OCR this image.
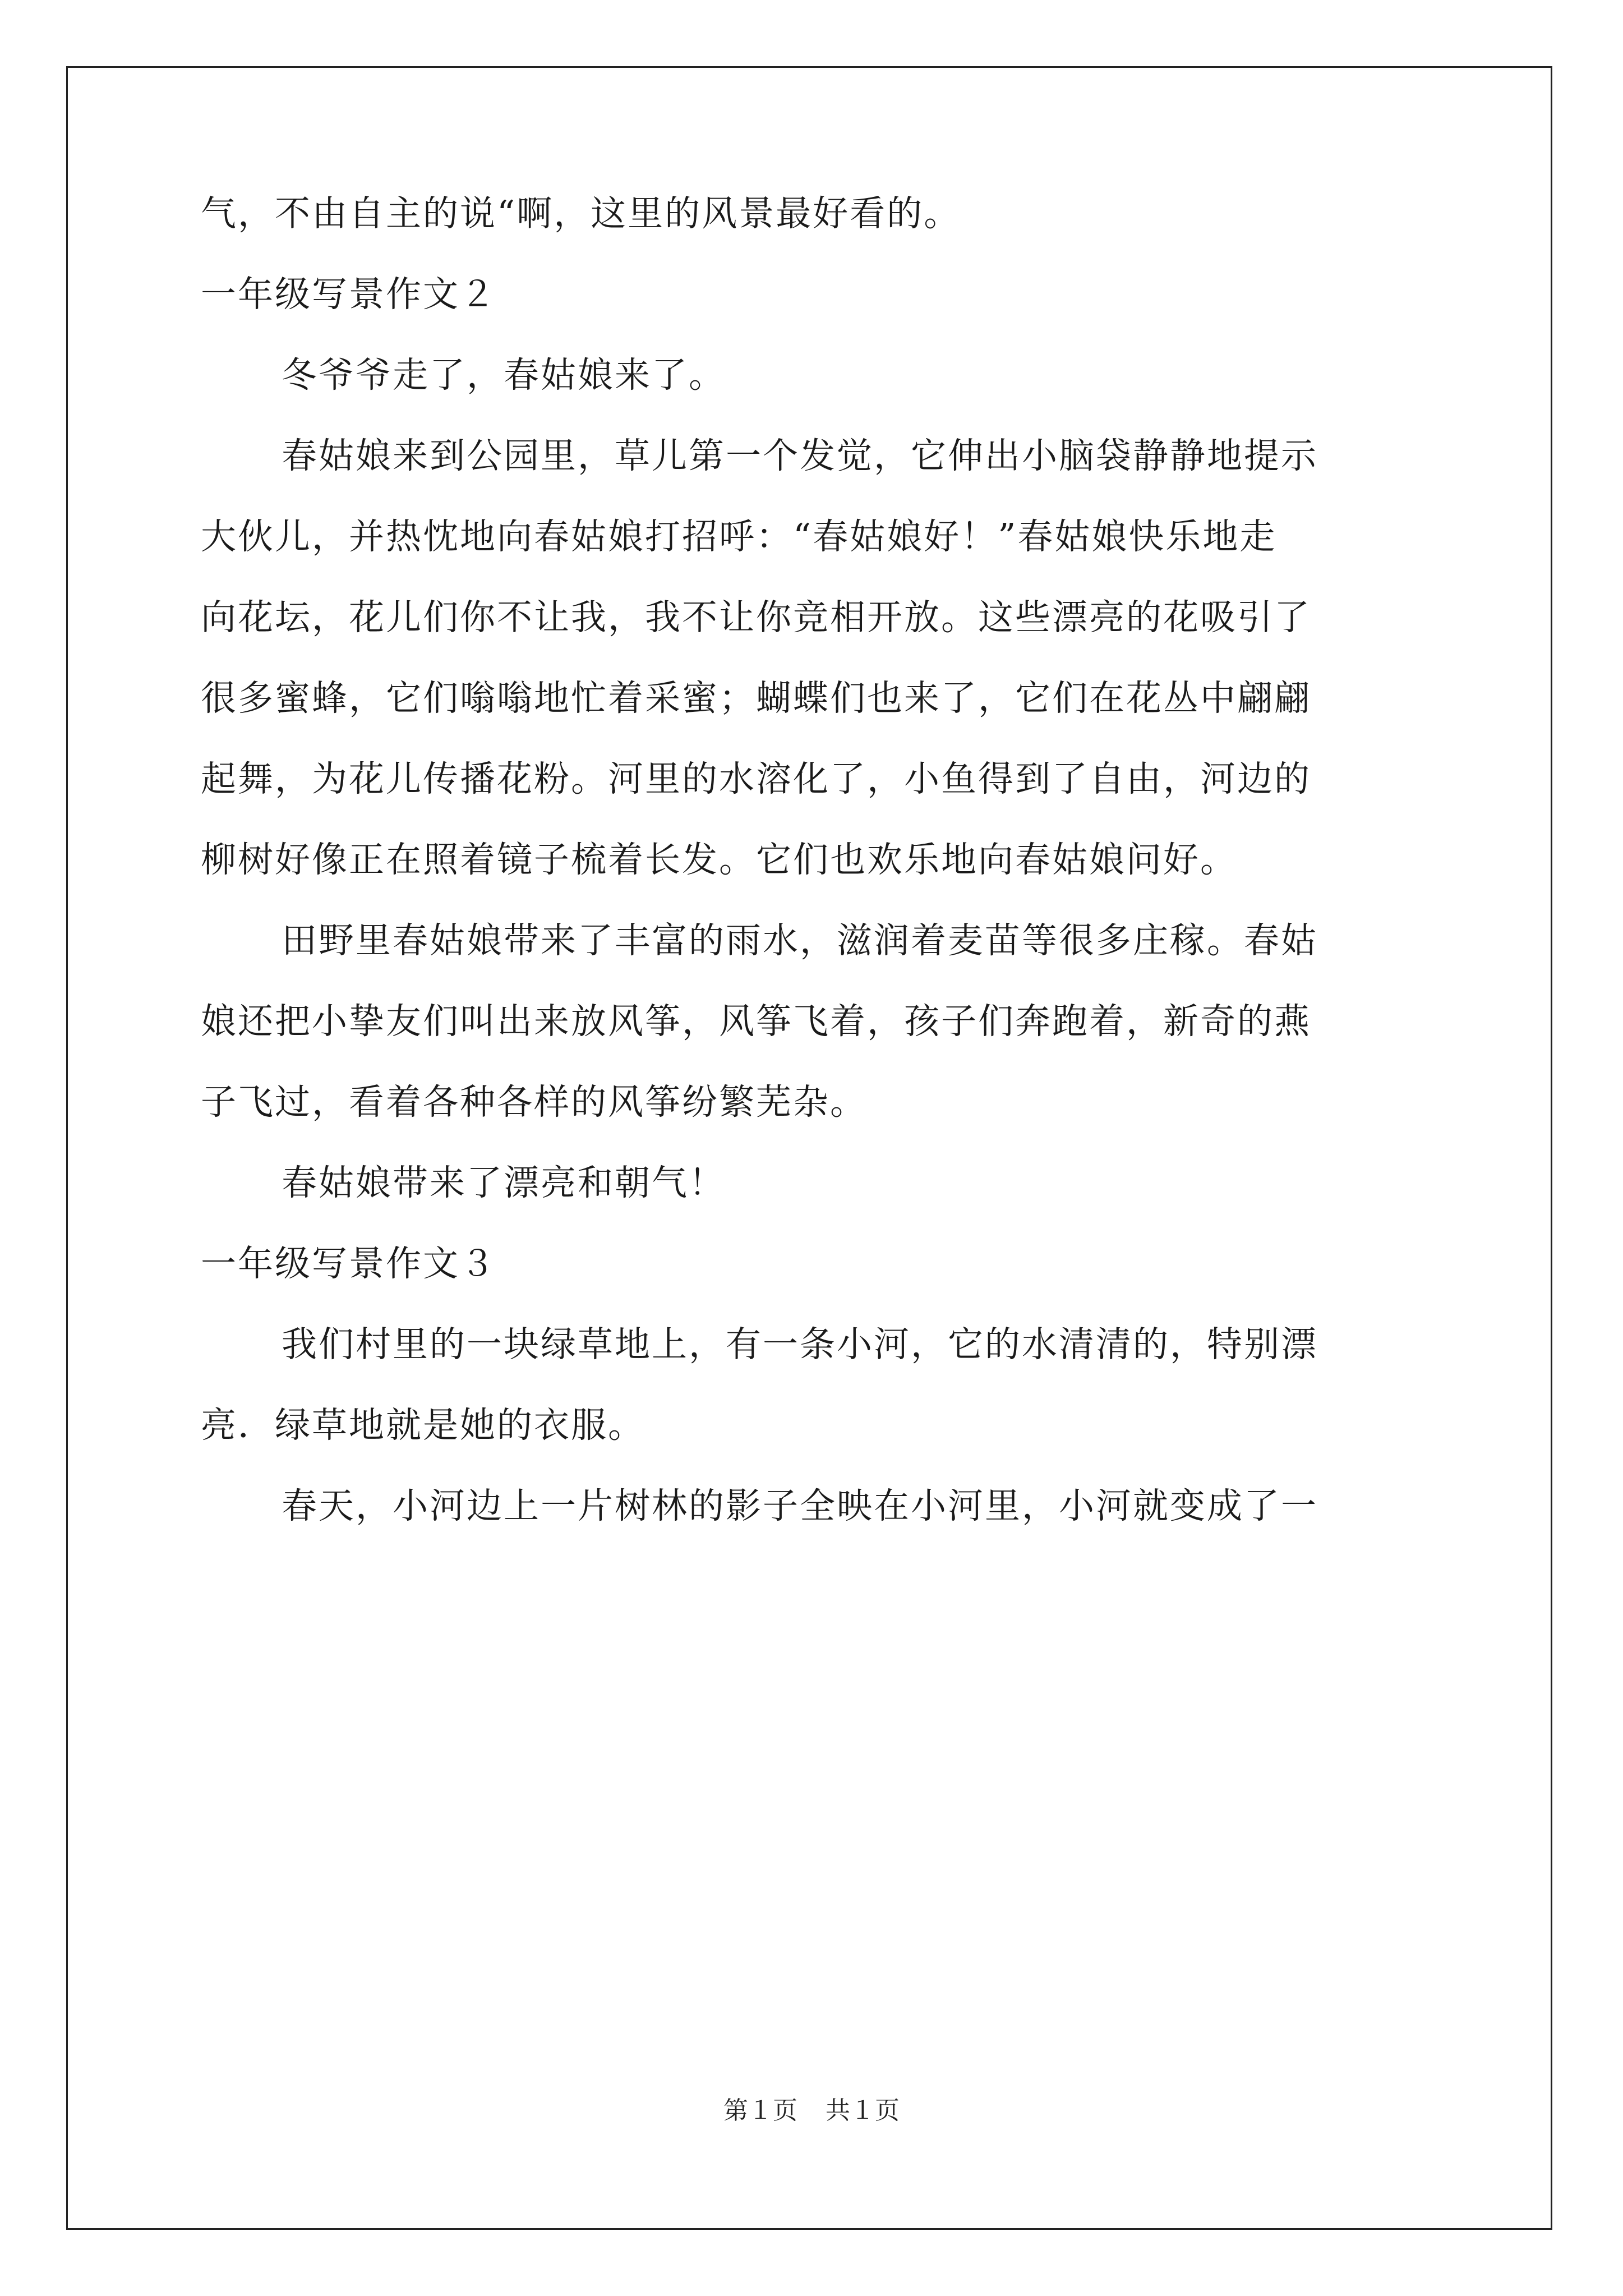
气，不由自主的说“啊，这里的风景最好看的。
一年级写景作文２
冬爷爷走了，春姑娘来了。
春姑娘来到公园里，草儿第一个发觉，它伸出小脑袋静静地提示
大伙儿，并热忱地向春姑娘打招呼：“春姑娘好！”春姑娘快乐地走
向花坛，花儿们你不让我，我不让你竞相开放。这些漂亮的花吸引了
很多蜜蜂，它们嗡嗡地忙着采蜜；蝴蝶们也来了，它们在花丛中翩翩
起舞，为花儿传播花粉。河里的水溶化了，小鱼得到了自由，河边的
柳树好像正在照着镜子梳着长发。它们也欢乐地向春姑娘问好。
田野里春姑娘带来了丰富的雨水，滋润着麦苗等很多庄稼。春姑
娘还把小挚友们叫出来放风筝，风筝飞着，孩子们奔跑着，新奇的燕
子飞过，看着各种各样的风筝纷繁芜杂。
春姑娘带来了漂亮和朝气！
一年级写景作文３
我们村里的一块绿草地上，有一条小河，它的水清清的，特别漂
亮．绿草地就是她的衣服。
春天，小河边上一片树林的影子全映在小河里，小河就变成了一
第１页 共１页
